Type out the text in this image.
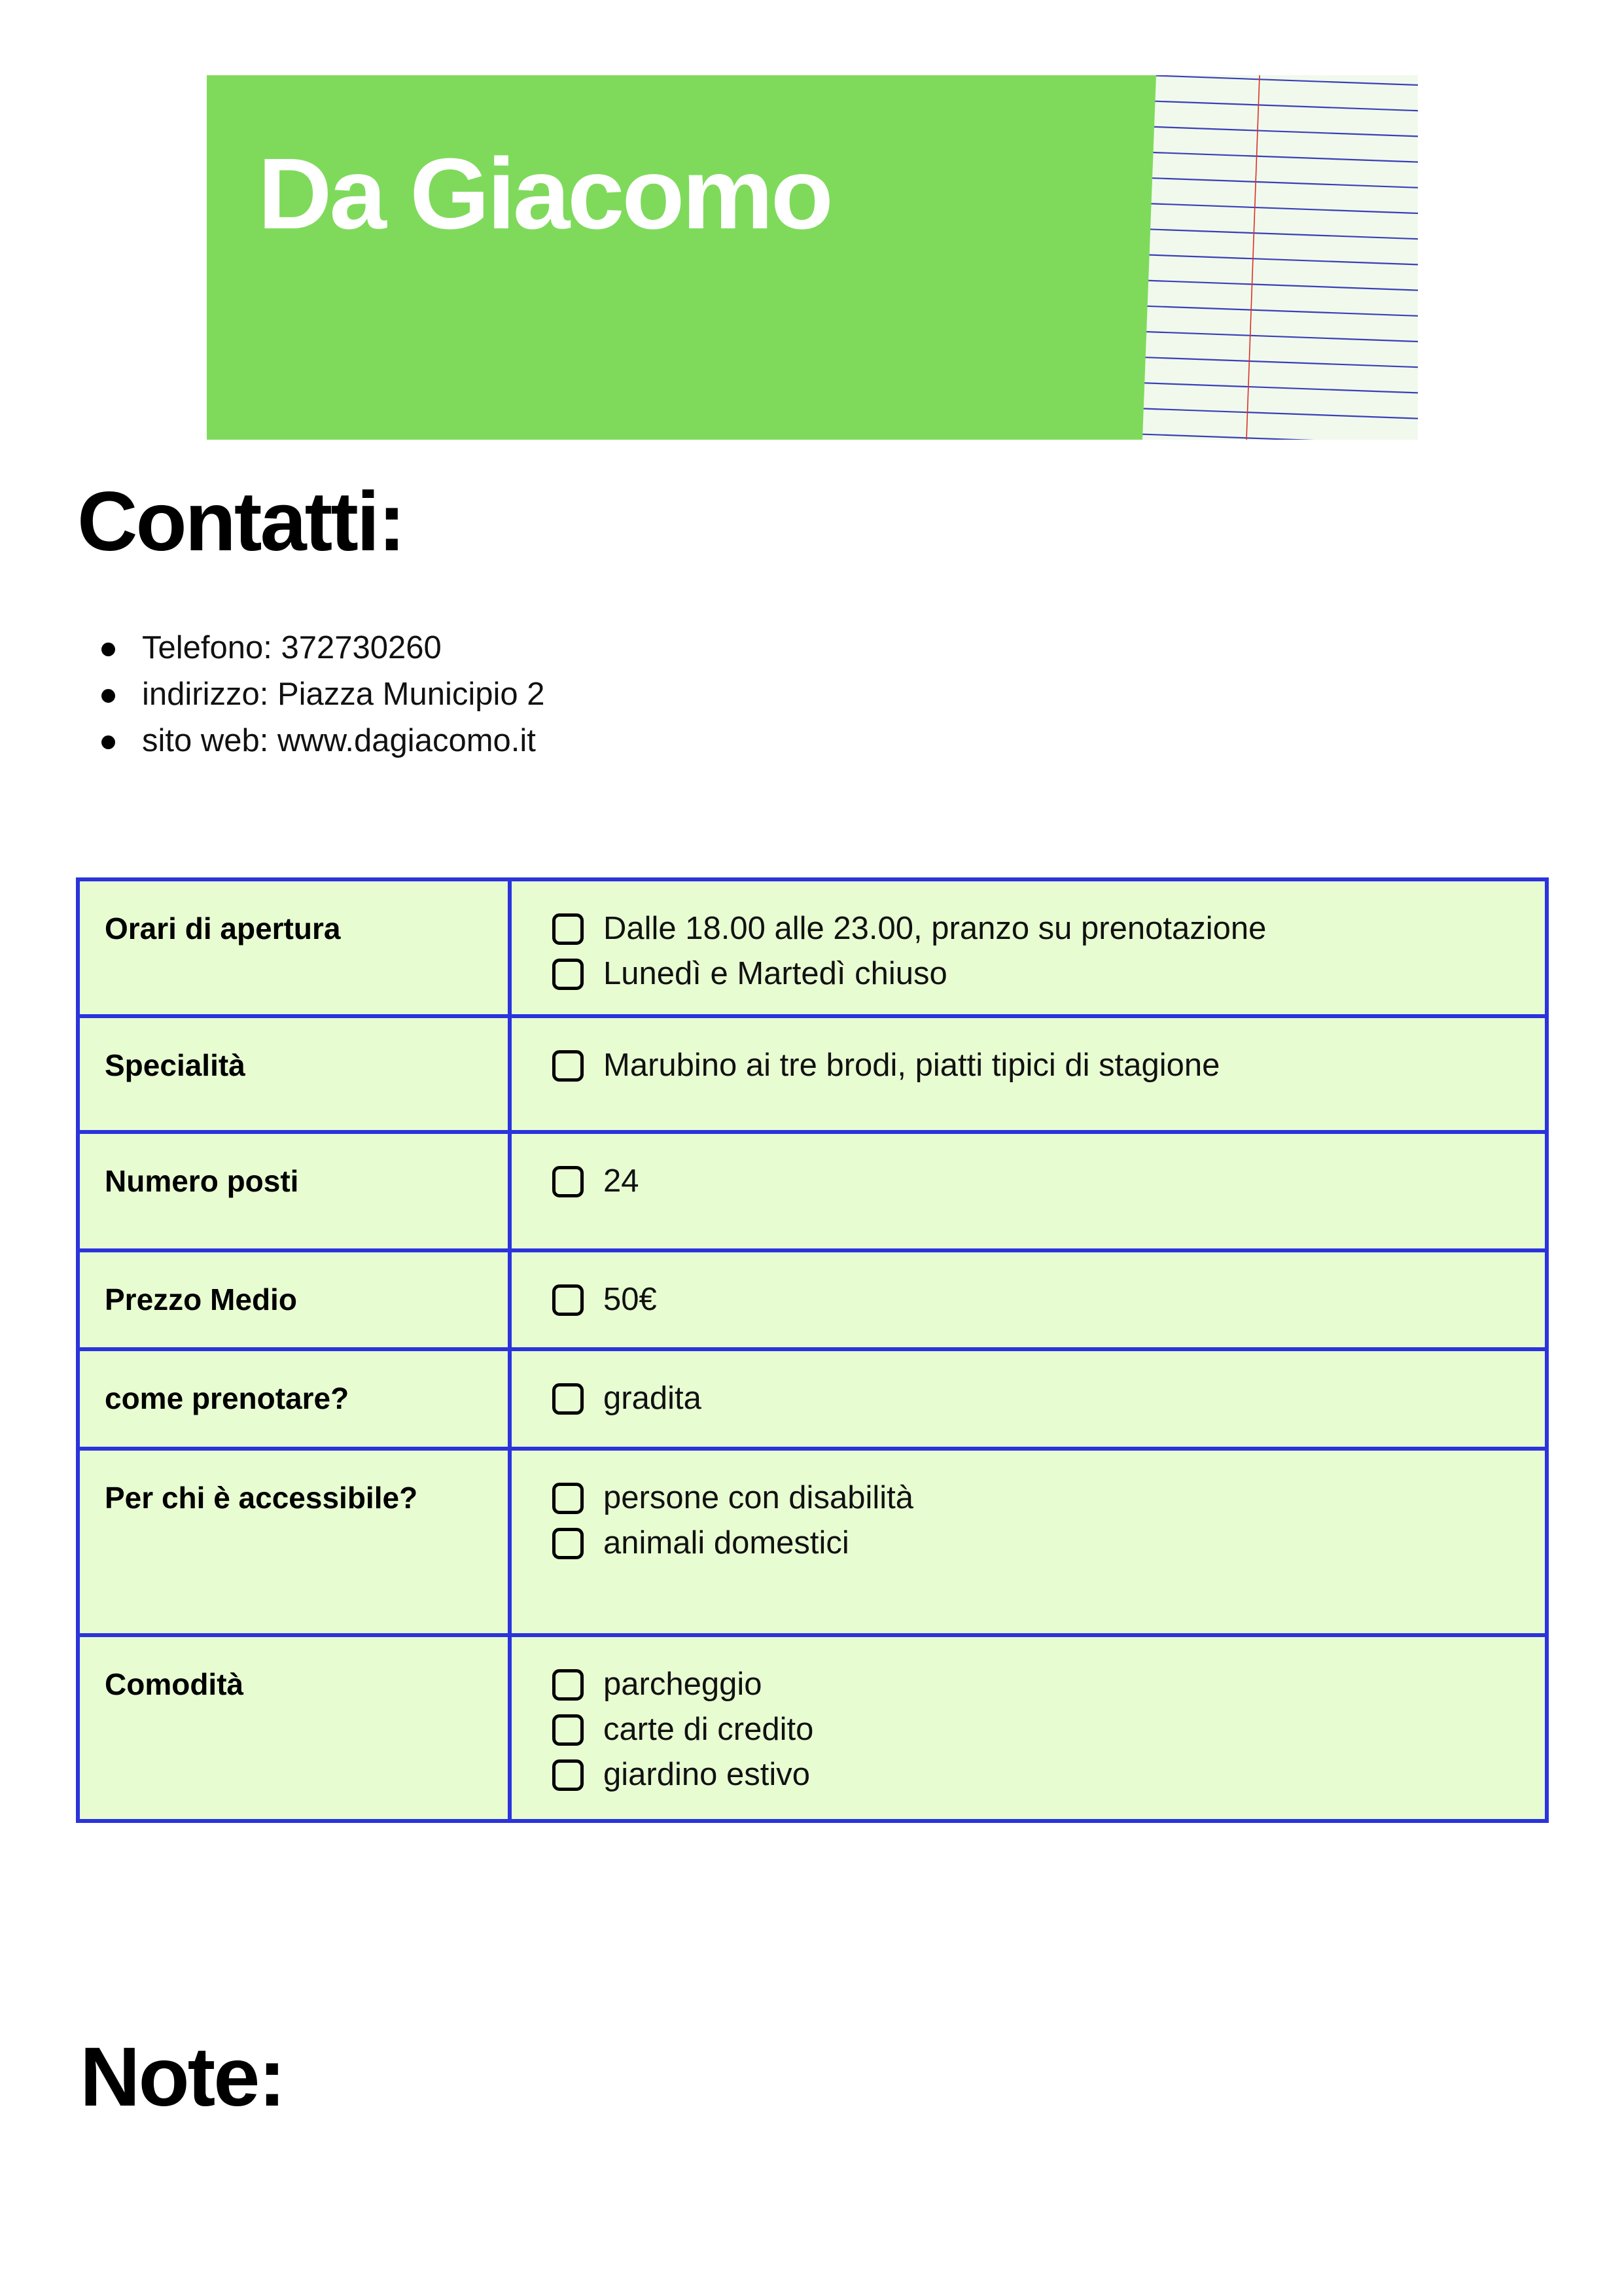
Da Giacomo
Contatti:
Telefono: 372730260
indirizzo: Piazza Municipio 2
sito web: www.dagiacomo.it
Orari di apertura	Dalle 18.00 alle 23.00, pranzo su prenotazione
Lunedì e Martedì chiuso

Specialità	Marubino ai tre brodi, piatti tipici di stagione

Numero posti	24

Prezzo Medio	50€

come prenotare?	gradita

Per chi è accessibile?	persone con disabilità
animali domestici

Comodità	parcheggio
carte di credito
giardino estivo
Note:
